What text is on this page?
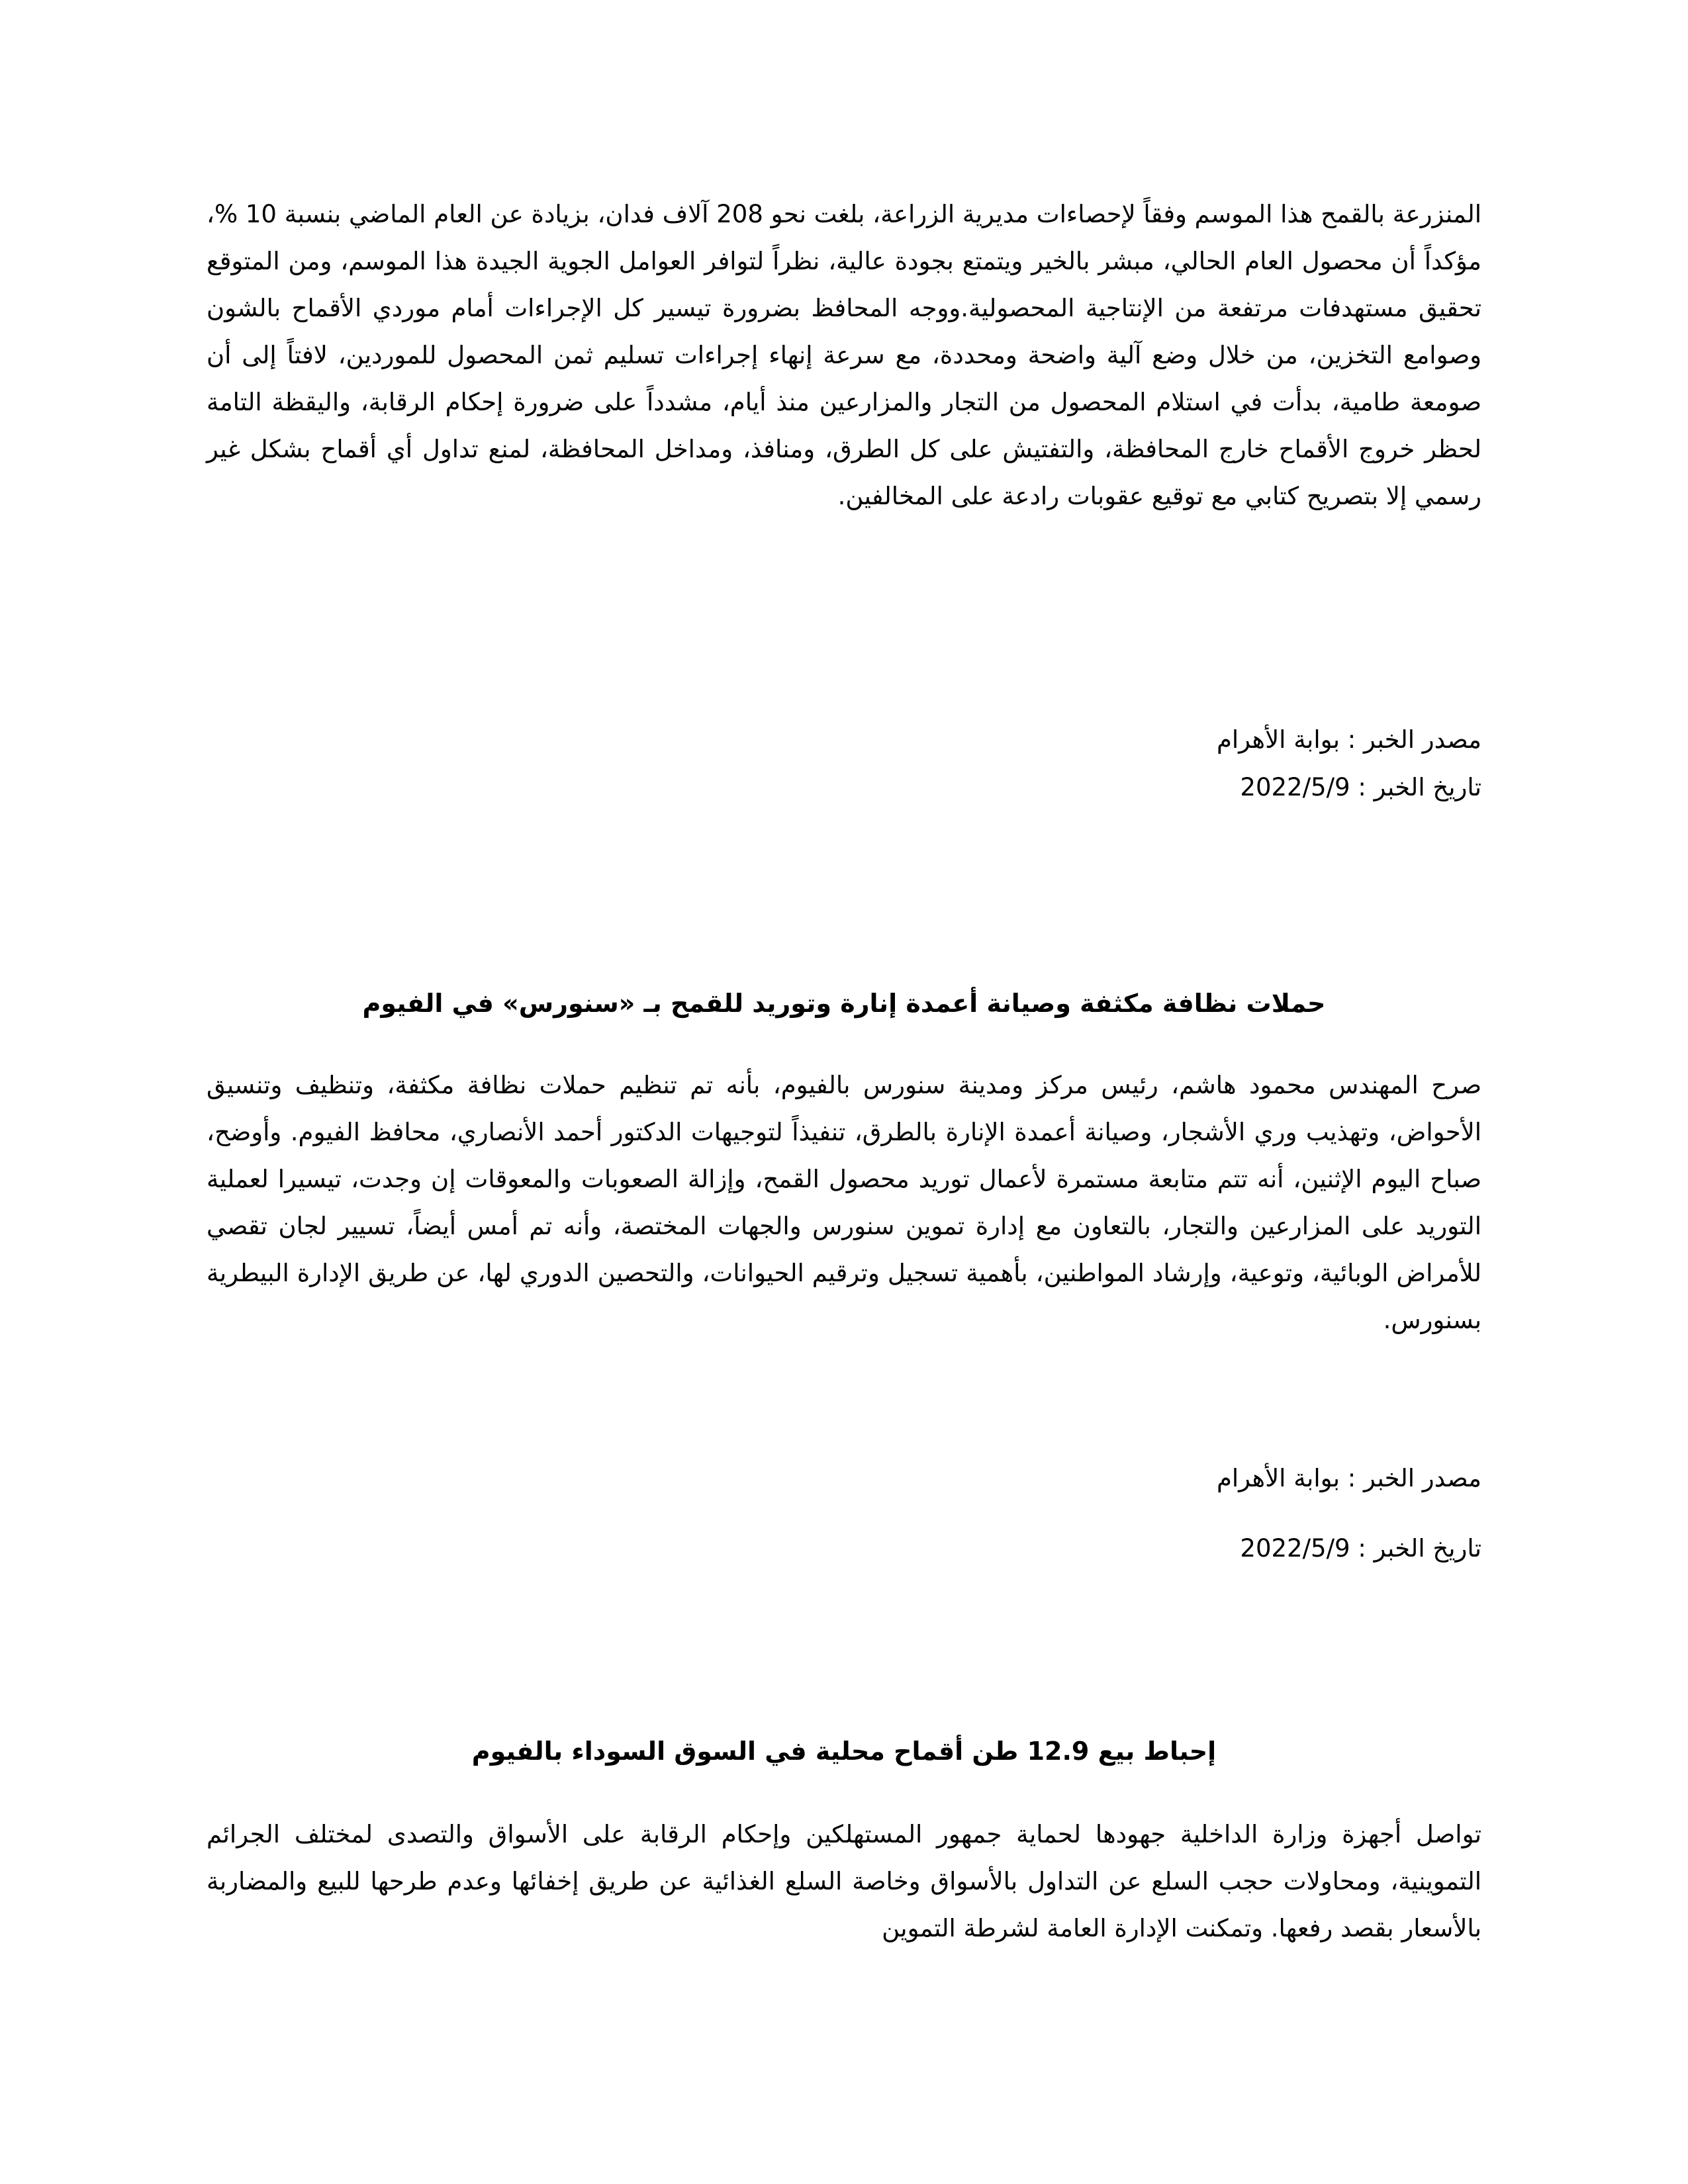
المنزرعة بالقمح هذا الموسم وفقاً لإحصاءات مديرية الزراعة، بلغت نحو 208 آلاف فدان، بزيادة عن العام الماضي بنسبة 10 %، مؤكداً أن محصول العام الحالي، مبشر بالخير ويتمتع بجودة عالية، نظراً لتوافر العوامل الجوية الجيدة هذا الموسم، ومن المتوقع تحقيق مستهدفات مرتفعة من الإنتاجية المحصولية.ووجه المحافظ بضرورة تيسير كل الإجراءات أمام موردي الأقماح بالشون وصوامع التخزين، من خلال وضع آلية واضحة ومحددة، مع سرعة إنهاء إجراءات تسليم ثمن المحصول للموردين، لافتاً إلى أن صومعة طامية، بدأت في استلام المحصول من التجار والمزارعين منذ أيام، مشدداً على ضرورة إحكام الرقابة، واليقظة التامة لحظر خروج الأقماح خارج المحافظة، والتفتيش على كل الطرق، ومنافذ، ومداخل المحافظة، لمنع تداول أي أقماح بشكل غير رسمي إلا بتصريح كتابي مع توقيع عقوبات رادعة على المخالفين.

مصدر الخبر : بوابة الأهرام

تاريخ الخبر : 2022/5/9

حملات نظافة مكثفة وصيانة أعمدة إنارة وتوريد للقمح بـ «سنورس» في الفيوم

صرح المهندس محمود هاشم، رئيس مركز ومدينة سنورس بالفيوم، بأنه تم تنظيم حملات نظافة مكثفة، وتنظيف وتنسيق الأحواض، وتهذيب وري الأشجار، وصيانة أعمدة الإنارة بالطرق، تنفيذاً لتوجيهات الدكتور أحمد الأنصاري، محافظ الفيوم. وأوضح، صباح اليوم الإثنين، أنه تتم متابعة مستمرة لأعمال توريد محصول القمح، وإزالة الصعوبات والمعوقات إن وجدت، تيسيرا لعملية التوريد على المزارعين والتجار، بالتعاون مع إدارة تموين سنورس والجهات المختصة، وأنه تم أمس أيضاً، تسيير لجان تقصي للأمراض الوبائية، وتوعية، وإرشاد المواطنين، بأهمية تسجيل وترقيم الحيوانات، والتحصين الدوري لها، عن طريق الإدارة البيطرية بسنورس.

مصدر الخبر : بوابة الأهرام

تاريخ الخبر : 2022/5/9

إحباط بيع 12.9 طن أقماح محلية في السوق السوداء بالفيوم

تواصل أجهزة وزارة الداخلية جهودها لحماية جمهور المستهلكين وإحكام الرقابة على الأسواق والتصدى لمختلف الجرائم التموينية، ومحاولات حجب السلع عن التداول بالأسواق وخاصة السلع الغذائية عن طريق إخفائها وعدم طرحها للبيع والمضاربة بالأسعار بقصد رفعها. وتمكنت الإدارة العامة لشرطة التموين
